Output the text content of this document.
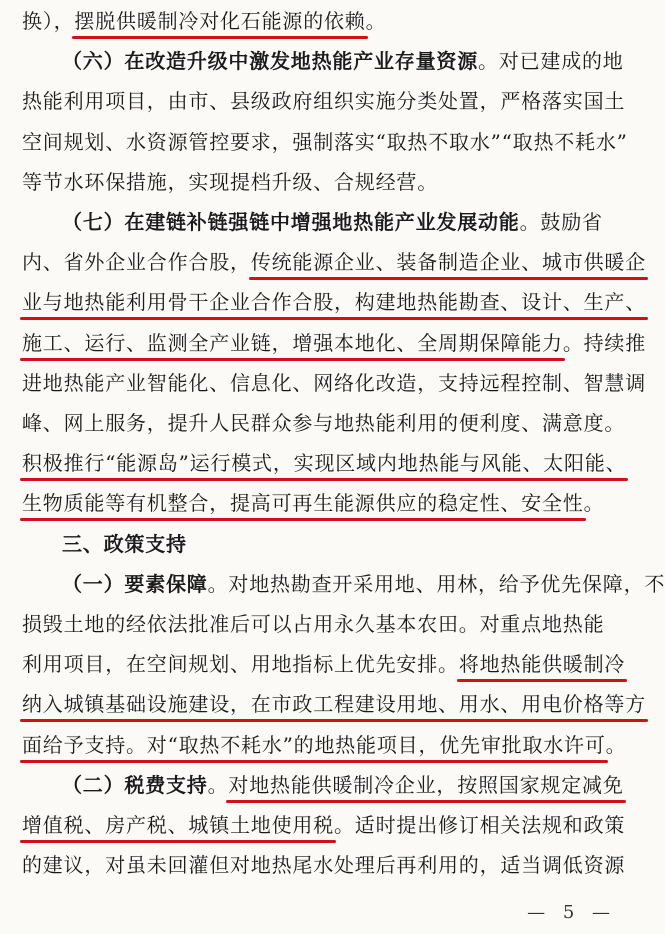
换），摆脱供暖制冷对化石能源的依赖。
（六）在改造升级中激发地热能产业存量资源。对已建成的地
热能利用项目，由市、县级政府组织实施分类处置，严格落实国土
空间规划、水资源管控要求，强制落实“取热不取水”“取热不耗水”
等节水环保措施，实现提档升级、合规经营。
（七）在建链补链强链中增强地热能产业发展动能。鼓励省
内、省外企业合作合股，传统能源企业、装备制造企业、城市供暖企
业与地热能利用骨干企业合作合股，构建地热能勘查、设计、生产、
施工、运行、监测全产业链，增强本地化、全周期保障能力。持续推
进地热能产业智能化、信息化、网络化改造，支持远程控制、智慧调
峰、网上服务，提升人民群众参与地热能利用的便利度、满意度。
积极推行“能源岛”运行模式，实现区域内地热能与风能、太阳能、
生物质能等有机整合，提高可再生能源供应的稳定性、安全性。
三、政策支持
（一）要素保障。对地热勘查开采用地、用林，给予优先保障，不
损毁土地的经依法批准后可以占用永久基本农田。对重点地热能
利用项目，在空间规划、用地指标上优先安排。将地热能供暖制冷
纳入城镇基础设施建设，在市政工程建设用地、用水、用电价格等方
面给予支持。对“取热不耗水”的地热能项目，优先审批取水许可。
（二）税费支持。对地热能供暖制冷企业，按照国家规定减免
增值税、房产税、城镇土地使用税。适时提出修订相关法规和政策
的建议，对虽未回灌但对地热尾水处理后再利用的，适当调低资源
— 5 —
